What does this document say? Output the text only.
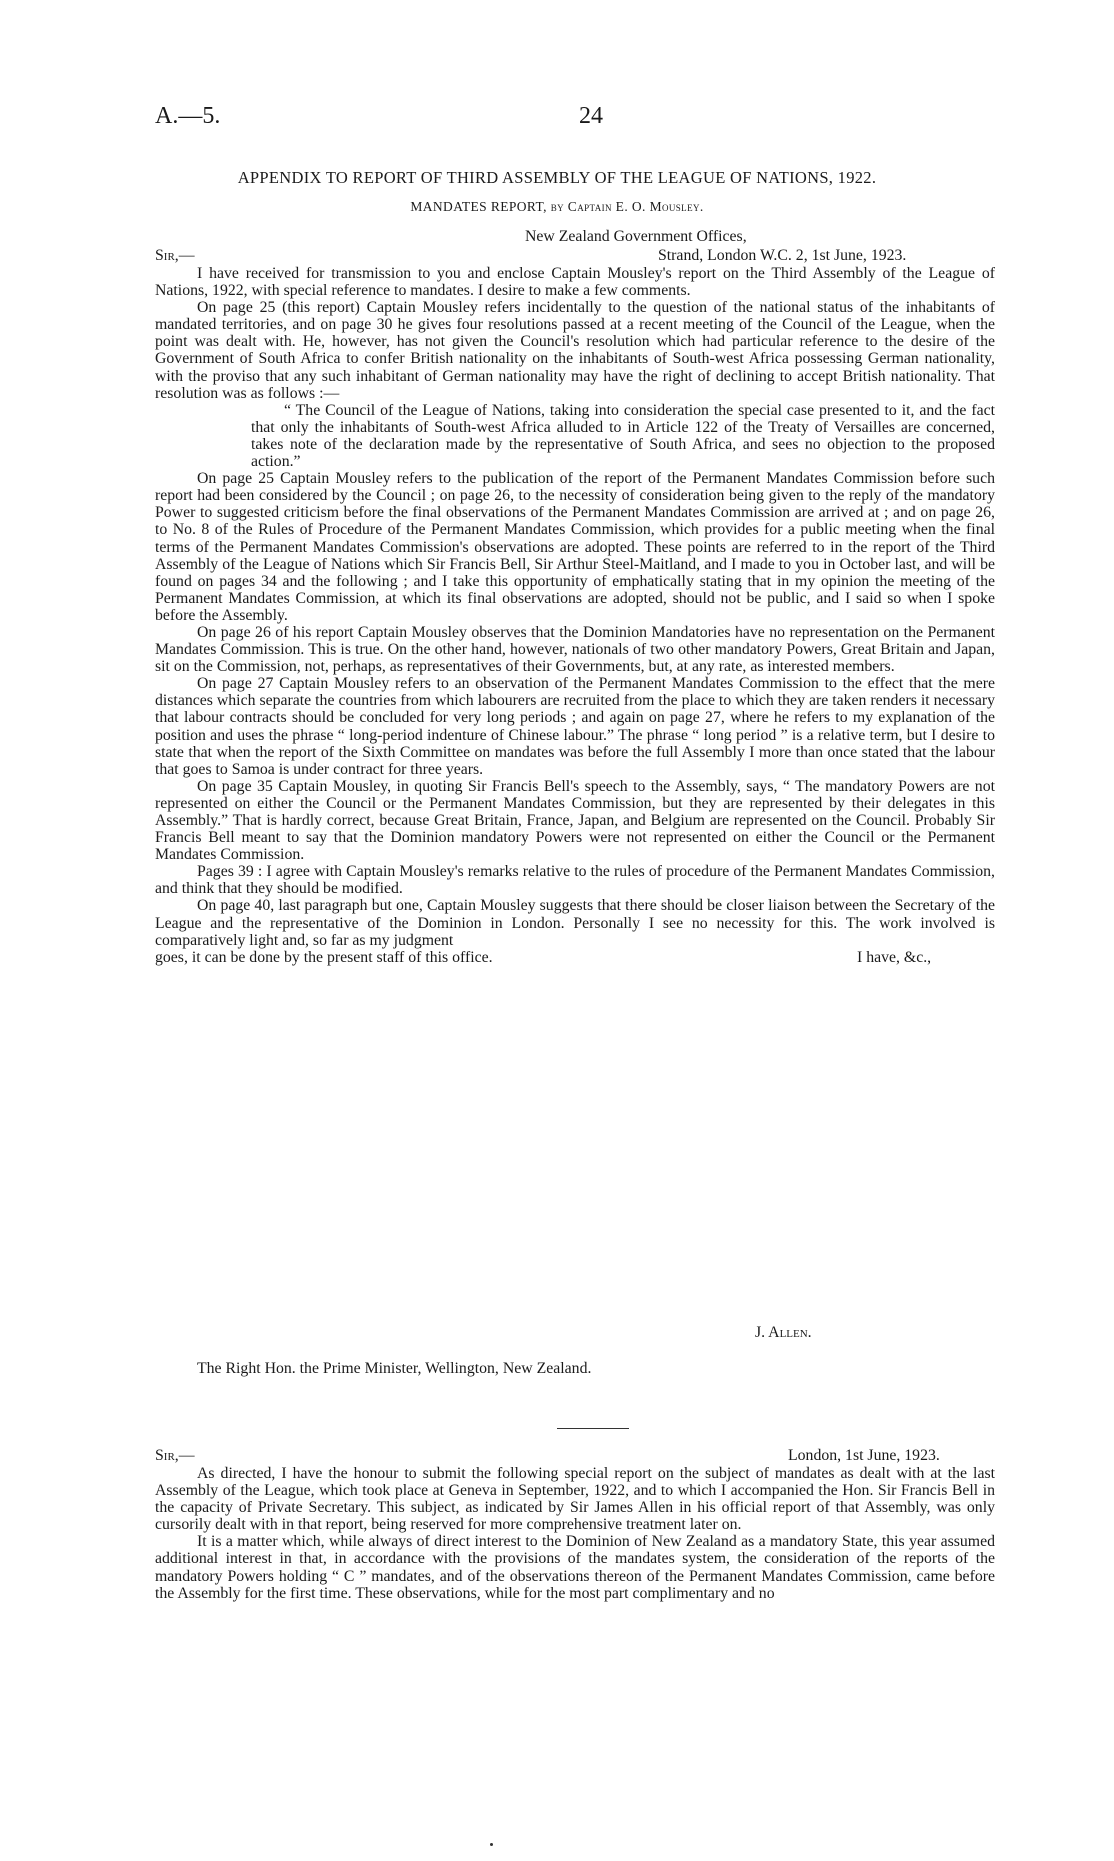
A.—5.	24
APPENDIX TO REPORT OF THIRD ASSEMBLY OF THE LEAGUE OF NATIONS, 1922.
MANDATES REPORT, by Captain E. O. Mousley.
New Zealand Government Offices,
Sir,—	Strand, London W.C. 2, 1st June, 1923.

I have received for transmission to you and enclose Captain Mousley's report on the Third Assembly of the League of Nations, 1922, with special reference to mandates. I desire to make a few comments.

On page 25 (this report) Captain Mousley refers incidentally to the question of the national status of the inhabitants of mandated territories, and on page 30 he gives four resolutions passed at a recent meeting of the Council of the League, when the point was dealt with. He, however, has not given the Council's resolution which had particular reference to the desire of the Government of South Africa to confer British nationality on the inhabitants of South-west Africa possessing German nationality, with the proviso that any such inhabitant of German nationality may have the right of declining to accept British nationality. That resolution was as follows :—

“ The Council of the League of Nations, taking into consideration the special case presented to it, and the fact that only the inhabitants of South-west Africa alluded to in Article 122 of the Treaty of Versailles are concerned, takes note of the declaration made by the representative of South Africa, and sees no objection to the proposed action.”

On page 25 Captain Mousley refers to the publication of the report of the Permanent Mandates Commission before such report had been considered by the Council ; on page 26, to the necessity of consideration being given to the reply of the mandatory Power to suggested criticism before the final observations of the Permanent Mandates Commission are arrived at ; and on page 26, to No. 8 of the Rules of Procedure of the Permanent Mandates Commission, which provides for a public meeting when the final terms of the Permanent Mandates Commission's observations are adopted. These points are referred to in the report of the Third Assembly of the League of Nations which Sir Francis Bell, Sir Arthur Steel-Maitland, and I made to you in October last, and will be found on pages 34 and the following ; and I take this opportunity of emphatically stating that in my opinion the meeting of the Permanent Mandates Commission, at which its final observations are adopted, should not be public, and I said so when I spoke before the Assembly.

On page 26 of his report Captain Mousley observes that the Dominion Mandatories have no representation on the Permanent Mandates Commission. This is true. On the other hand, however, nationals of two other mandatory Powers, Great Britain and Japan, sit on the Commission, not, perhaps, as representatives of their Governments, but, at any rate, as interested members.

On page 27 Captain Mousley refers to an observation of the Permanent Mandates Commission to the effect that the mere distances which separate the countries from which labourers are recruited from the place to which they are taken renders it necessary that labour contracts should be concluded for very long periods ; and again on page 27, where he refers to my explanation of the position and uses the phrase “ long-period indenture of Chinese labour.” The phrase “ long period ” is a relative term, but I desire to state that when the report of the Sixth Committee on mandates was before the full Assembly I more than once stated that the labour that goes to Samoa is under contract for three years.

On page 35 Captain Mousley, in quoting Sir Francis Bell's speech to the Assembly, says, “ The mandatory Powers are not represented on either the Council or the Permanent Mandates Commission, but they are represented by their delegates in this Assembly.” That is hardly correct, because Great Britain, France, Japan, and Belgium are represented on the Council. Probably Sir Francis Bell meant to say that the Dominion mandatory Powers were not represented on either the Council or the Permanent Mandates Commission.

Pages 39 : I agree with Captain Mousley's remarks relative to the rules of procedure of the Permanent Mandates Commission, and think that they should be modified.

On page 40, last paragraph but one, Captain Mousley suggests that there should be closer liaison between the Secretary of the League and the representative of the Dominion in London. Personally I see no necessity for this. The work involved is comparatively light and, so far as my judgment

goes, it can be done by the present staff of this office.	I have, &c.,
J. Allen.
The Right Hon. the Prime Minister, Wellington, New Zealand.
Sir,—	London, 1st June, 1923.

As directed, I have the honour to submit the following special report on the subject of mandates as dealt with at the last Assembly of the League, which took place at Geneva in September, 1922, and to which I accompanied the Hon. Sir Francis Bell in the capacity of Private Secretary. This subject, as indicated by Sir James Allen in his official report of that Assembly, was only cursorily dealt with in that report, being reserved for more comprehensive treatment later on.

It is a matter which, while always of direct interest to the Dominion of New Zealand as a mandatory State, this year assumed additional interest in that, in accordance with the provisions of the mandates system, the consideration of the reports of the mandatory Powers holding “ C ” mandates, and of the observations thereon of the Permanent Mandates Commission, came before the Assembly for the first time. These observations, while for the most part complimentary and no
